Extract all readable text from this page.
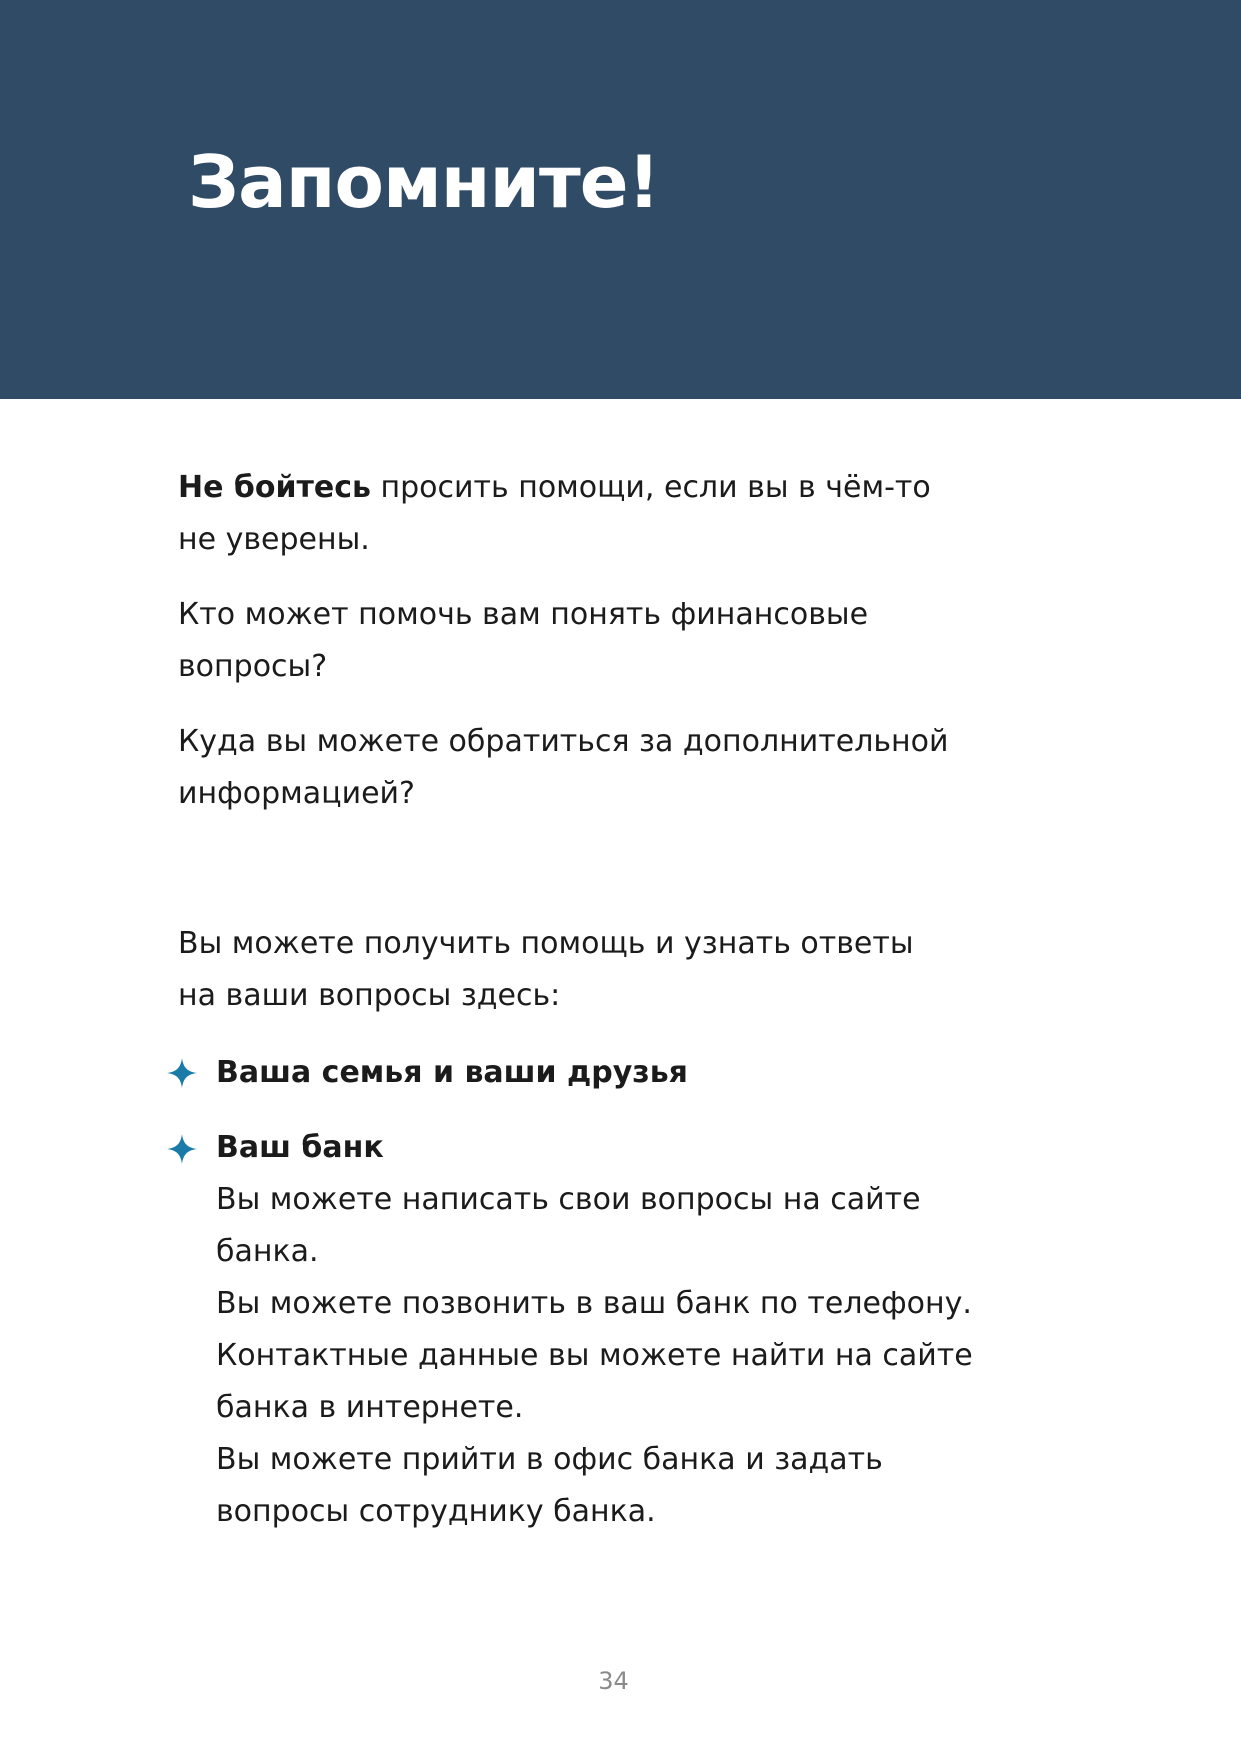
Запомните!

Не бойтесь просить помощи, если вы в чём-то
не уверены.

Кто может помочь вам понять финансовые
вопросы?

Куда вы можете обратиться за дополнительной
информацией?

Вы можете получить помощь и узнать ответы
на ваши вопросы здесь:

Ваша семья и ваши друзья

Ваш банк

Вы можете написать свои вопросы на сайте
банка.
Вы можете позвонить в ваш банк по телефону.
Контактные данные вы можете найти на сайте
банка в интернете.
Вы можете прийти в офис банка и задать
вопросы сотруднику банка.
34
